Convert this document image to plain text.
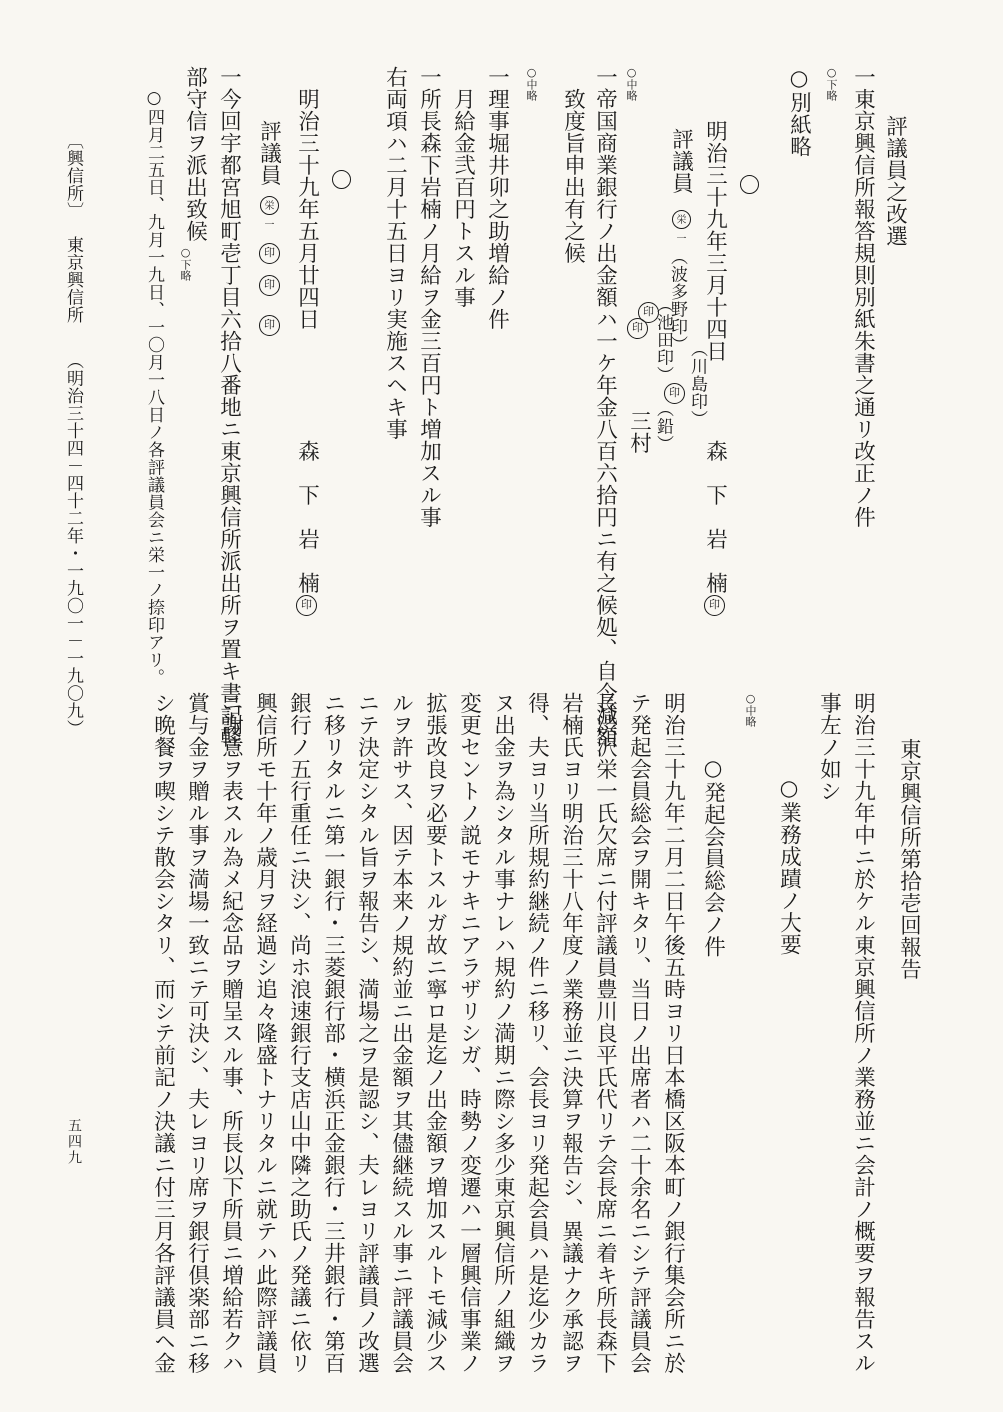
評議員之改選
一東京興信所報答規則別紙朱書之通リ改正ノ件
○下略
○別紙略
明治三十九年三月十四日
森　下　岩　楠
印
（川島印）
印
（鉛）
三村
（波多野印）
印 （池田印）
印
評議員
栄一
○中略
一帝国商業銀行ノ出金額ハ一ケ年金八百六拾円ニ有之候処、自今減額
致度旨申出有之候
○中略
一理事堀井卯之助増給ノ件
月給金弐百円トスル事
一所長森下岩楠ノ月給ヲ金三百円ト増加スル事
右両項ハ二月十五日ヨリ実施スヘキ事
明治三十九年五月廿四日
森　下　岩　楠
印
評議員
栄一
印
印
印
一今回宇都宮旭町壱丁目六拾八番地ニ東京興信所派出所ヲ置キ書記軽
部守信ヲ派出致候
○下略
○四月二五日、九月一九日、一〇月一八日ノ各評議員会ニ栄一ノ捺印アリ。
〔興信所〕
東京興信所
（明治三十四－四十二年・一九〇一－一九〇九）
東京興信所第拾壱回報告
明治三十九年中ニ於ケル東京興信所ノ業務並ニ会計ノ概要ヲ報告スル
事左ノ如シ
○業務成蹟ノ大要
○中略
○発起会員総会ノ件
明治三十九年二月二日午後五時ヨリ日本橋区阪本町ノ銀行集会所ニ於
テ発起会員総会ヲ開キタリ、当日ノ出席者ハ二十余名ニシテ評議員会
長渋沢栄一氏欠席ニ付評議員豊川良平氏代リテ会長席ニ着キ所長森下
岩楠氏ヨリ明治三十八年度ノ業務並ニ決算ヲ報告シ、異議ナク承認ヲ
得、夫ヨリ当所規約継続ノ件ニ移リ、会長ヨリ発起会員ハ是迄少カラ
ヌ出金ヲ為シタル事ナレハ規約ノ満期ニ際シ多少東京興信所ノ組織ヲ
変更セントノ説モナキニアラザリシガ、時勢ノ変遷ハ一層興信事業ノ
拡張改良ヲ必要トスルガ故ニ寧ロ是迄ノ出金額ヲ増加スルトモ減少ス
ルヲ許サス、因テ本来ノ規約並ニ出金額ヲ其儘継続スル事ニ評議員会
ニテ決定シタル旨ヲ報告シ、満場之ヲ是認シ、夫レヨリ評議員ノ改選
ニ移リタルニ第一銀行・三菱銀行部・横浜正金銀行・三井銀行・第百
銀行ノ五行重任ニ決シ、尚ホ浪速銀行支店山中隣之助氏ノ発議ニ依リ
興信所モ十年ノ歳月ヲ経過シ追々隆盛トナリタルニ就テハ此際評議員
ニ謝意ヲ表スル為メ紀念品ヲ贈呈スル事、所長以下所員ニ増給若クハ
賞与金ヲ贈ル事ヲ満場一致ニテ可決シ、夫レヨリ席ヲ銀行倶楽部ニ移
シ晩餐ヲ喫シテ散会シタリ、而シテ前記ノ決議ニ付三月各評議員ヘ金
五四九
